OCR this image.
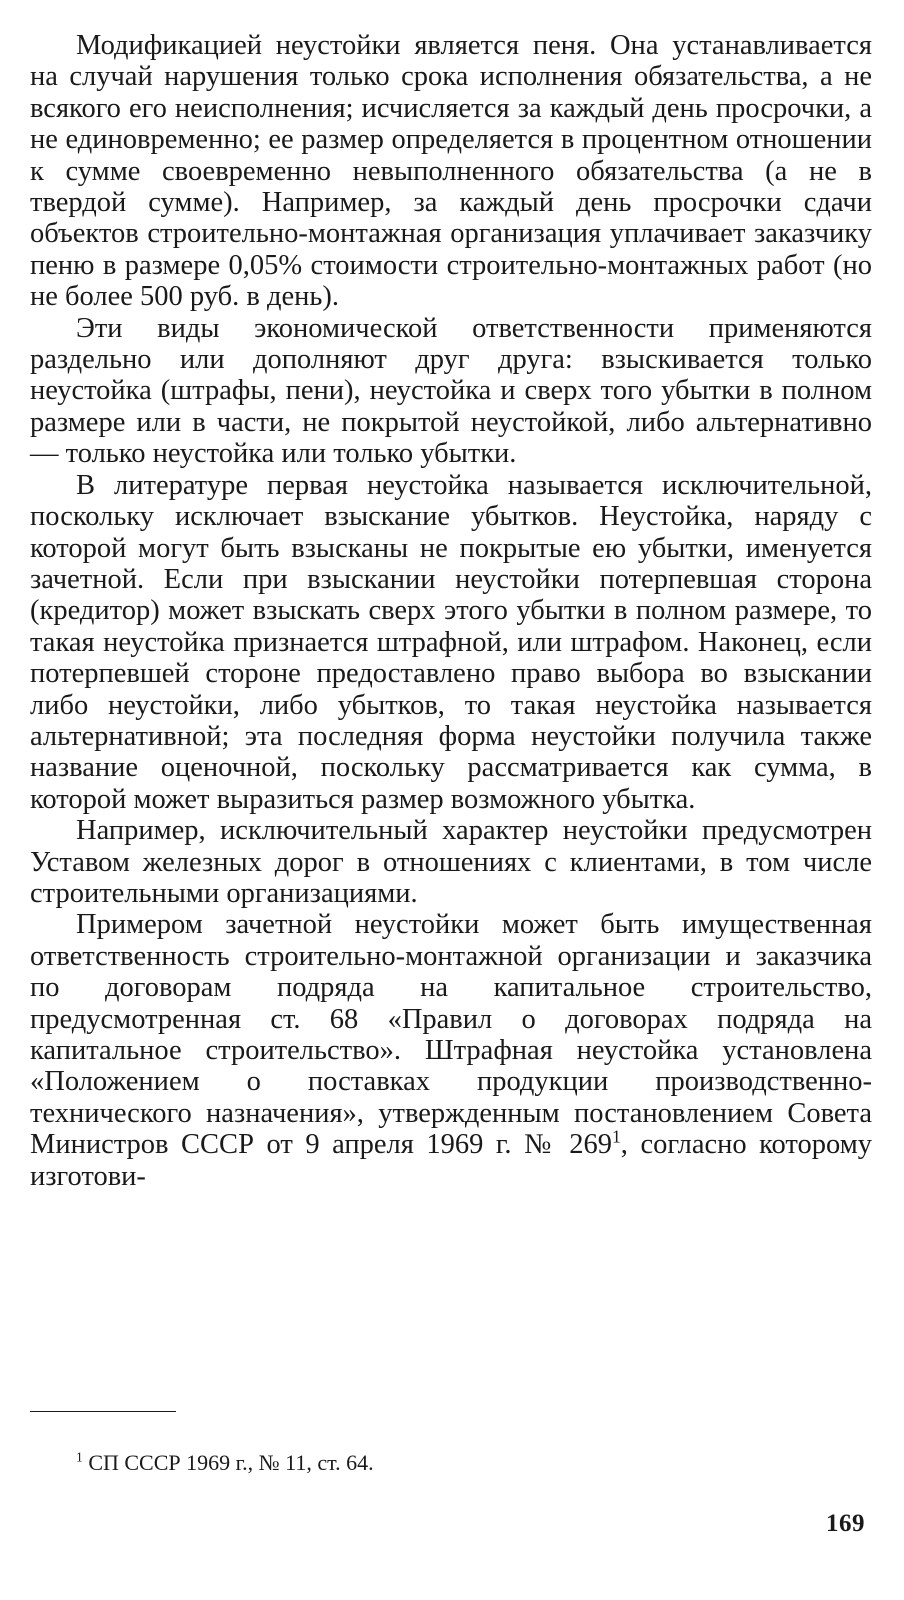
Модификацией неустойки является пеня. Она устанавливается на случай нарушения только срока исполнения обязательства, а не всякого его неисполнения; исчисляется за каждый день просрочки, а не единовременно; ее размер определяется в процентном отношении к сумме своевременно невыполненного обязательства (а не в твердой сумме). Например, за каждый день просрочки сдачи объектов строительно-монтажная организация уплачивает заказчику пеню в размере 0,05% стоимости строительно-монтажных работ (но не более 500 руб. в день).

Эти виды экономической ответственности применяются раздельно или дополняют друг друга: взыскивается только неустойка (штрафы, пени), неустойка и сверх того убытки в полном размере или в части, не покрытой неустойкой, либо альтернативно — только неустойка или только убытки.

В литературе первая неустойка называется исключительной, поскольку исключает взыскание убытков. Неустойка, наряду с которой могут быть взысканы не покрытые ею убытки, именуется зачетной. Если при взыскании неустойки потерпевшая сторона (кредитор) может взыскать сверх этого убытки в полном размере, то такая неустойка признается штрафной, или штрафом. Наконец, если потерпевшей стороне предоставлено право выбора во взыскании либо неустойки, либо убытков, то такая неустойка называется альтернативной; эта последняя форма неустойки получила также название оценочной, поскольку рассматривается как сумма, в которой может выразиться размер возможного убытка.

Например, исключительный характер неустойки предусмотрен Уставом железных дорог в отношениях с клиентами, в том числе строительными организациями.

Примером зачетной неустойки может быть имущественная ответственность строительно-монтажной организации и заказчика по договорам подряда на капитальное строительство, предусмотренная ст. 68 «Правил о договорах подряда на капитальное строительство». Штрафная неустойка установлена «Положением о поставках продукции производственно-технического назначения», утвержденным постановлением Совета Министров СССР от 9 апреля 1969 г. № $269^1$, согласно которому изготови-

$^1$ СП СССР 1969 г., № 11, ст. 64.
169
